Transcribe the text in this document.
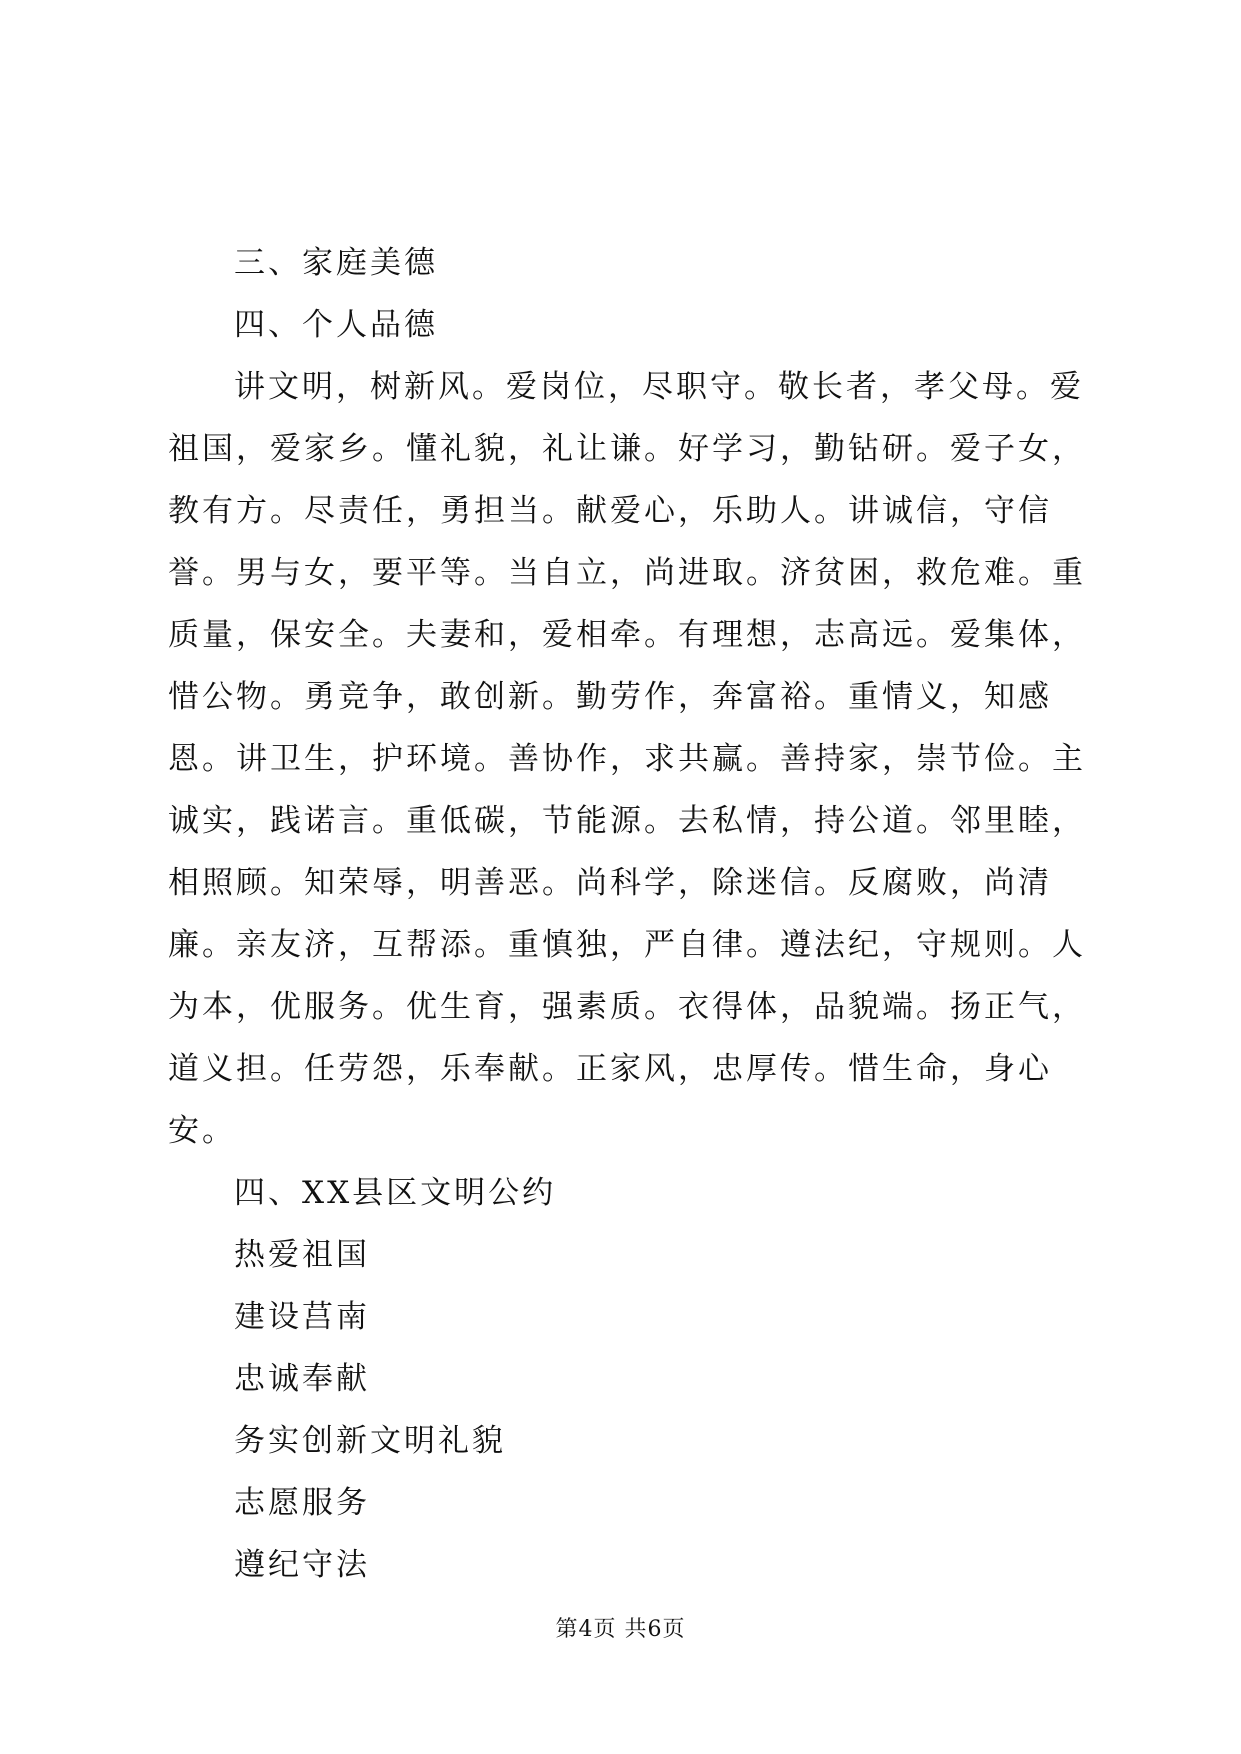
三、家庭美德
四、个人品德
讲文明，树新风。爱岗位，尽职守。敬长者，孝父母。爱祖国，爱家乡。懂礼貌，礼让谦。好学习，勤钻研。爱子女，教有方。尽责任，勇担当。献爱心，乐助人。讲诚信，守信誉。男与女，要平等。当自立，尚进取。济贫困，救危难。重质量，保安全。夫妻和，爱相牵。有理想，志高远。爱集体，惜公物。勇竞争，敢创新。勤劳作，奔富裕。重情义，知感恩。讲卫生，护环境。善协作，求共赢。善持家，崇节俭。主诚实，践诺言。重低碳，节能源。去私情，持公道。邻里睦，相照顾。知荣辱，明善恶。尚科学，除迷信。反腐败，尚清廉。亲友济，互帮添。重慎独，严自律。遵法纪，守规则。人为本，优服务。优生育，强素质。衣得体，品貌端。扬正气，道义担。任劳怨，乐奉献。正家风，忠厚传。惜生命，身心安。
四、XX县区文明公约
热爱祖国
建设莒南
忠诚奉献
务实创新文明礼貌
志愿服务
遵纪守法
第4页 共6页
